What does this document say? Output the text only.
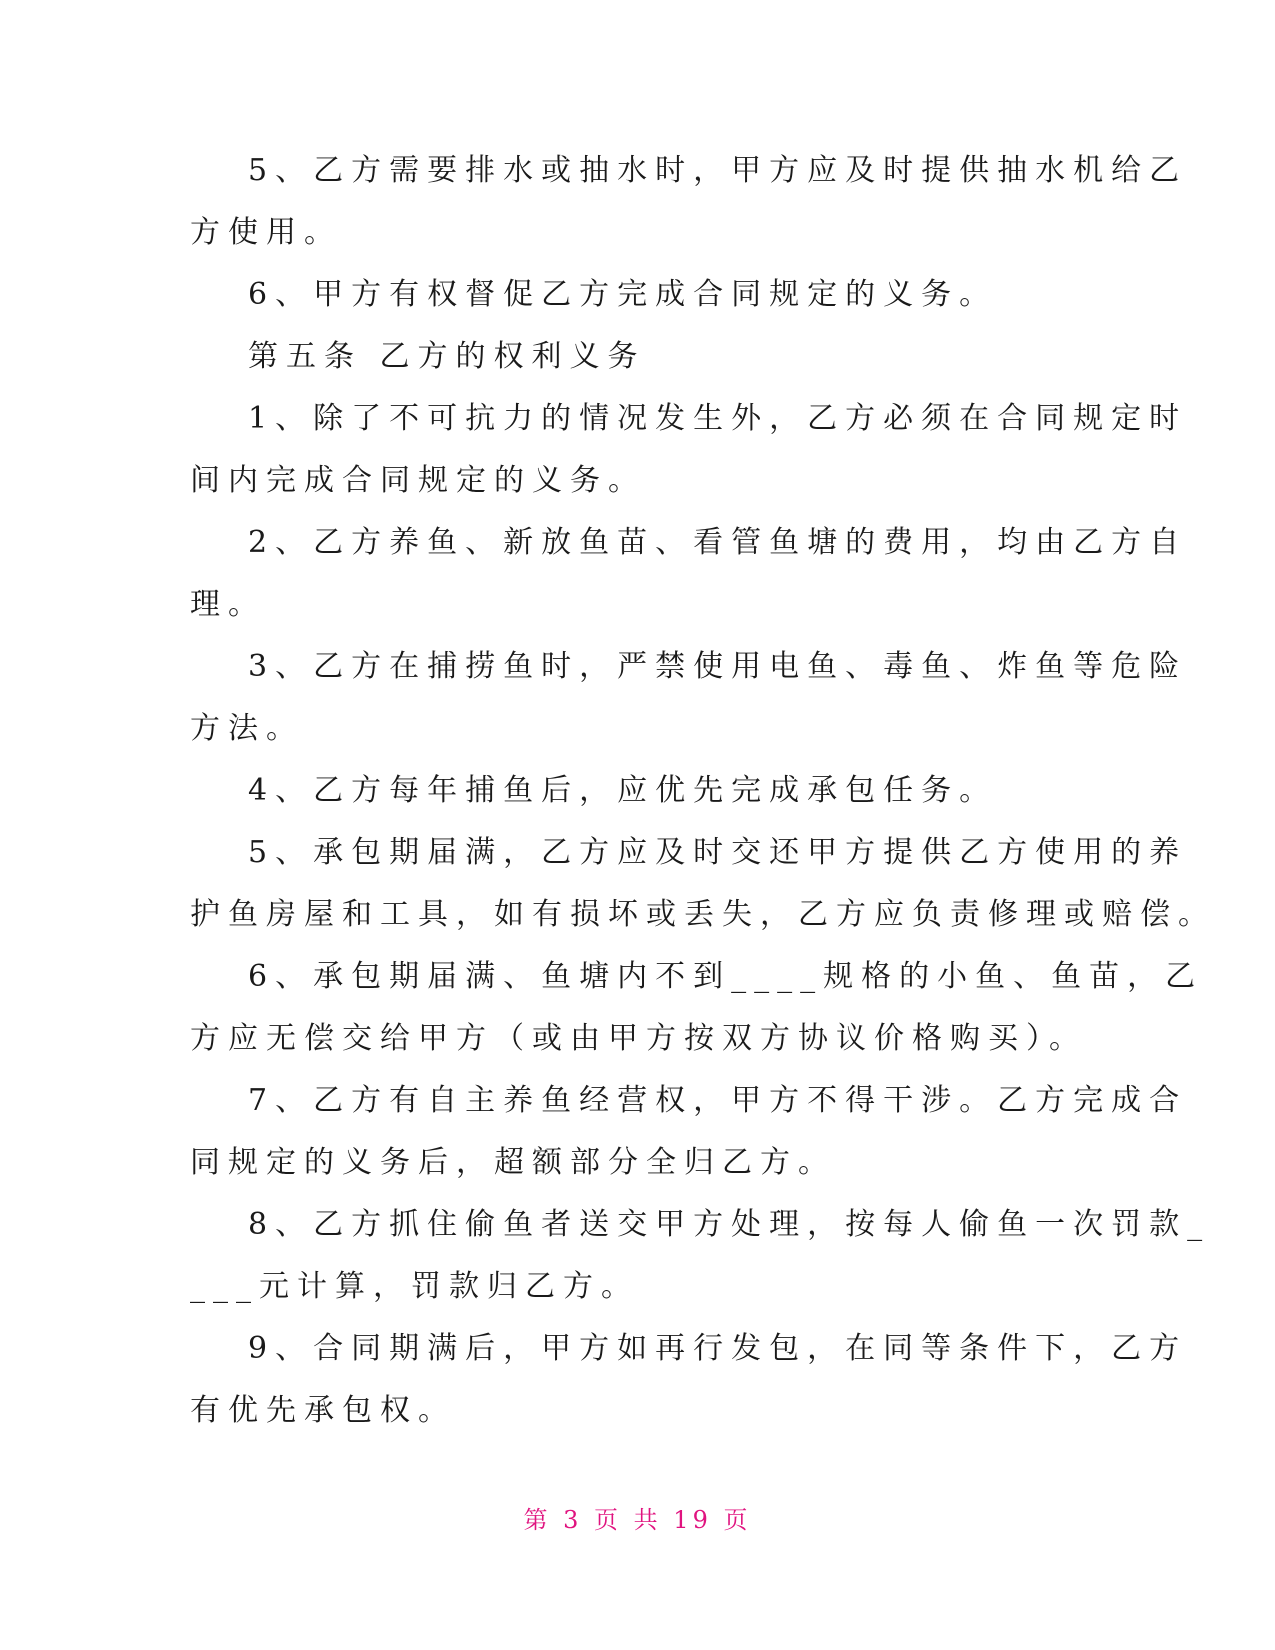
5、乙方需要排水或抽水时，甲方应及时提供抽水机给乙
方使用。
6、甲方有权督促乙方完成合同规定的义务。
第五条 乙方的权利义务
1、除了不可抗力的情况发生外，乙方必须在合同规定时
间内完成合同规定的义务。
2、乙方养鱼、新放鱼苗、看管鱼塘的费用，均由乙方自
理。
3、乙方在捕捞鱼时，严禁使用电鱼、毒鱼、炸鱼等危险
方法。
4、乙方每年捕鱼后，应优先完成承包任务。
5、承包期届满，乙方应及时交还甲方提供乙方使用的养
护鱼房屋和工具，如有损坏或丢失，乙方应负责修理或赔偿。
6、承包期届满、鱼塘内不到____规格的小鱼、鱼苗，乙
方应无偿交给甲方（或由甲方按双方协议价格购买）。
7、乙方有自主养鱼经营权，甲方不得干涉。乙方完成合
同规定的义务后，超额部分全归乙方。
8、乙方抓住偷鱼者送交甲方处理，按每人偷鱼一次罚款_
___元计算，罚款归乙方。
9、合同期满后，甲方如再行发包，在同等条件下，乙方
有优先承包权。
第 3 页 共 19 页
